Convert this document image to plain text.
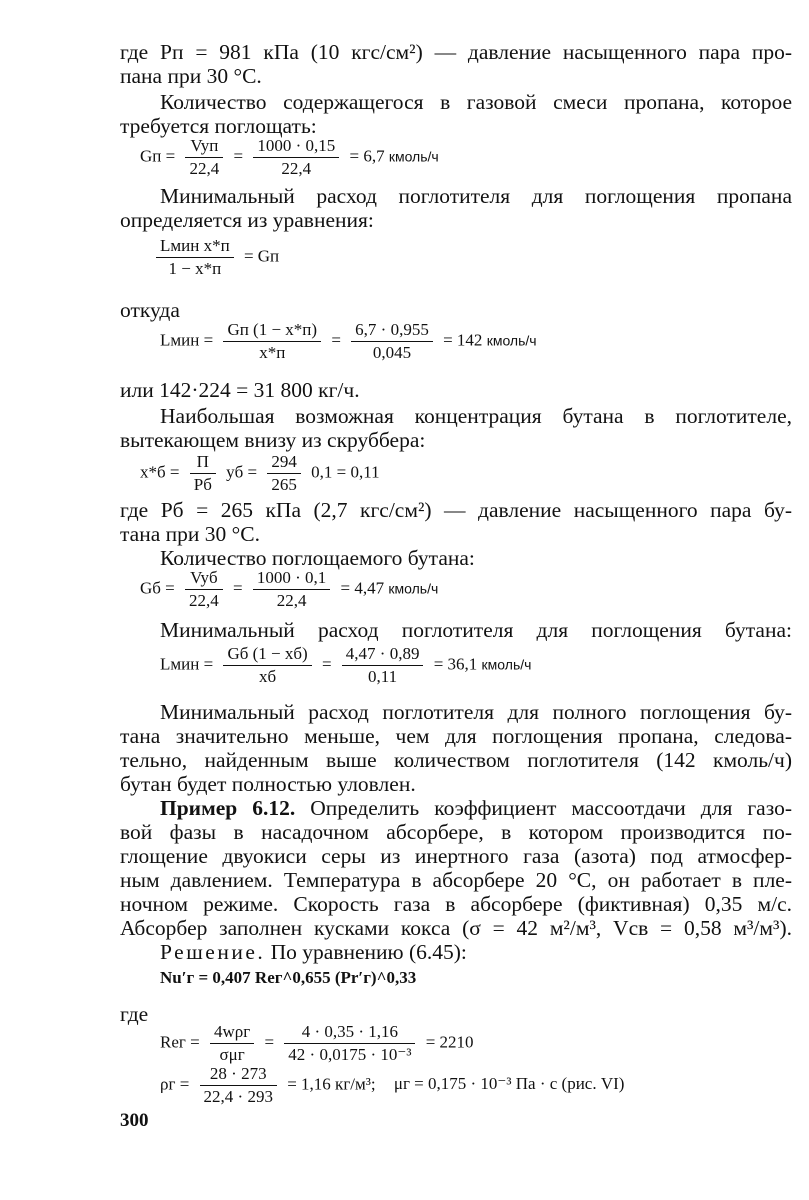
где Pп = 981 кПа (10 кгс/см²) — давление насыщенного пара про-
пана при 30 °С.
Количество содержащегося в газовой смеси пропана, которое
требуется поглощать:
Gп = $\frac{\text{Vyп}}{22,4} = \frac{1000 \cdot 0,15}{22,4} = 6,7$ кмоль/ч
Минимальный расход поглотителя для поглощения пропана
определяется из уравнения:
$\frac{\text{Lмин x*п}}{1 - x*п}$ = Gп
откуда
Lмин = $\frac{Gп (1 - x*п)}{x*п} = \frac{6,7 \cdot 0,955}{0,045} = 142$ кмоль/ч
или 142·224 = 31 800 кг/ч.
Наибольшая возможная концентрация бутана в поглотителе,
вытекающем внизу из скруббера:
$x*б = \frac{П}{Pб}$ yб = $\frac{294}{265} 0,1 = 0,11$
где Pб = 265 кПа (2,7 кгс/см²) — давление насыщенного пара бу-
тана при 30 °С.
Количество поглощаемого бутана:
Gб = $\frac{\text{Vyб}}{22,4} = \frac{1000 \cdot 0,1}{22,4} = 4,47$ кмоль/ч
Минимальный расход поглотителя для поглощения бутана:
Lмин = $\frac{Gб (1 - xб)}{xб} = \frac{4,47 \cdot 0,89}{0,11} = 36,1$ кмоль/ч
Минимальный расход поглотителя для полного поглощения бу-
тана значительно меньше, чем для поглощения пропана, следова-
тельно, найденным выше количеством поглотителя (142 кмоль/ч)
бутан будет полностью уловлен.
Пример 6.12. Определить коэффициент массоотдачи для газо-
вой фазы в насадочном абсорбере, в котором производится по-
глощение двуокиси серы из инертного газа (азота) под атмосфер-
ным давлением. Температура в абсорбере 20 °С, он работает в пле-
ночном режиме. Скорость газа в абсорбере (фиктивная) 0,35 м/с.
Абсорбер заполнен кусками кокса (σ = 42 м²/м³, Vсв = 0,58 м³/м³).
Решение. По уравнению (6.45):
Nu′г = 0,407 Reг^0,655 (Pr′г)^0,33
где
Reг = $\frac{\text{4wρг}}{\text{σμг}} = \frac{4 \cdot 0,35 \cdot 1,16}{\text{42 · 0,0175 · 10⁻³}} = 2210$
$\rho г = \frac{28 \cdot 273}{22,4 \cdot 293} = 1,16$ кг/м³; μг = 0,175 · 10⁻³ Па · с (рис. VI)
300
